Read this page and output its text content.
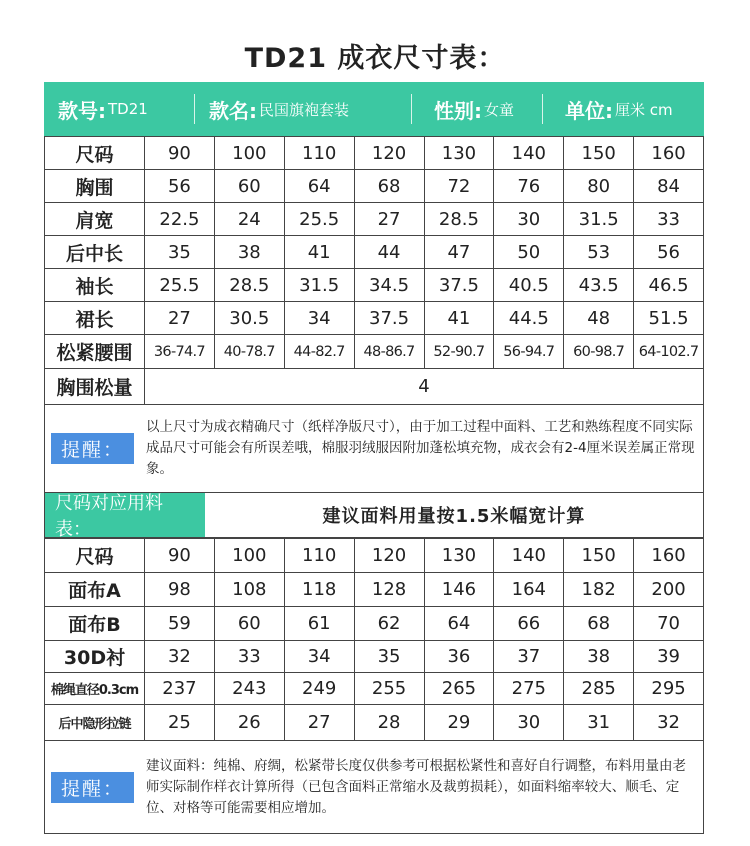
TD21 成衣尺寸表：
款号: TD21	款名: 民国旗袍套装	性别: 女童	单位: 厘米 cm
尺码	90	100	110	120	130	140	150	160
胸围	56	60	64	68	72	76	80	84
肩宽	22.5	24	25.5	27	28.5	30	31.5	33
后中长	35	38	41	44	47	50	53	56
袖长	25.5	28.5	31.5	34.5	37.5	40.5	43.5	46.5
裙长	27	30.5	34	37.5	41	44.5	48	51.5
松紧腰围	36-74.7	40-78.7	44-82.7	48-86.7	52-90.7	56-94.7	60-98.7	64-102.7
胸围松量	4							
提醒：
以上尺寸为成衣精确尺寸（纸样净版尺寸），由于加工过程中面料、工艺和熟练程度不同实际成品尺寸可能会有所误差哦，棉服羽绒服因附加蓬松填充物，成衣会有2-4厘米误差属正常现象。
尺码对应用料表：
建议面料用量按1.5米幅宽计算
尺码	90	100	110	120	130	140	150	160
面布A	98	108	118	128	146	164	182	200
面布B	59	60	61	62	64	66	68	70
30D衬	32	33	34	35	36	37	38	39
棉绳直径0.3cm	237	243	249	255	265	275	285	295
后中隐形拉链	25	26	27	28	29	30	31	32
提醒：
建议面料：纯棉、府绸，松紧带长度仅供参考可根据松紧性和喜好自行调整，布料用量由老师实际制作样衣计算所得（已包含面料正常缩水及裁剪损耗），如面料缩率较大、顺毛、定位、对格等可能需要相应增加。
